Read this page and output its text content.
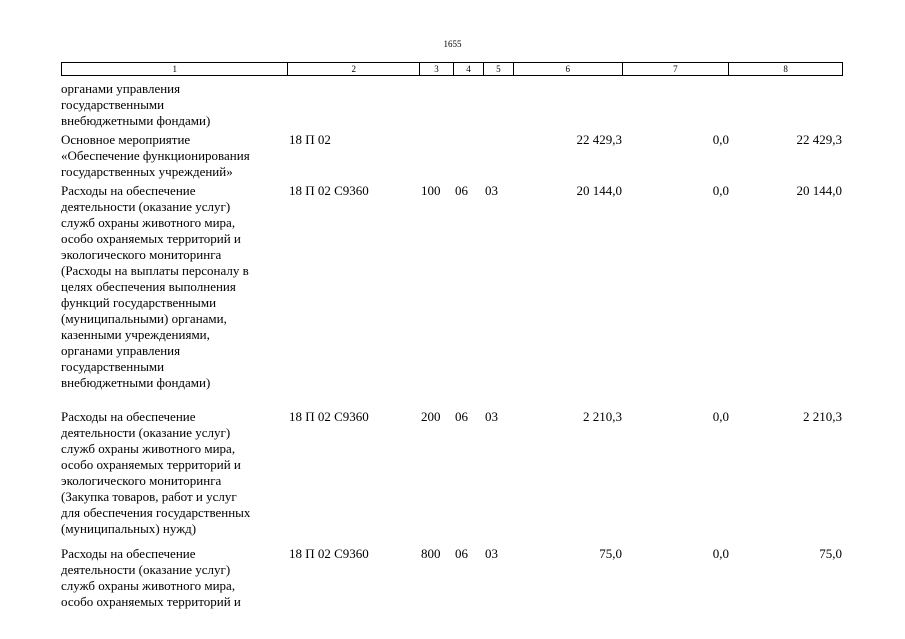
1655
1	2	3	4	5	6	7	8
органами управления
государственными
внебюджетными фондами)
Основное мероприятие
«Обеспечение функционирования
государственных учреждений»
18 П 02	22 429,3	0,0	22 429,3
Расходы на обеспечение
деятельности (оказание услуг)
служб охраны животного мира,
особо охраняемых территорий и
экологического мониторинга
(Расходы на выплаты персоналу в
целях обеспечения выполнения
функций государственными
(муниципальными) органами,
казенными учреждениями,
органами управления
государственными
внебюджетными фондами)
18 П 02 С9360	100 06 03	20 144,0	0,0	20 144,0
Расходы на обеспечение
деятельности (оказание услуг)
служб охраны животного мира,
особо охраняемых территорий и
экологического мониторинга
(Закупка товаров, работ и услуг
для обеспечения государственных
(муниципальных) нужд)
18 П 02 С9360	200 06 03	2 210,3	0,0	2 210,3
Расходы на обеспечение
деятельности (оказание услуг)
служб охраны животного мира,
особо охраняемых территорий и
18 П 02 С9360	800 06 03	75,0	0,0	75,0
